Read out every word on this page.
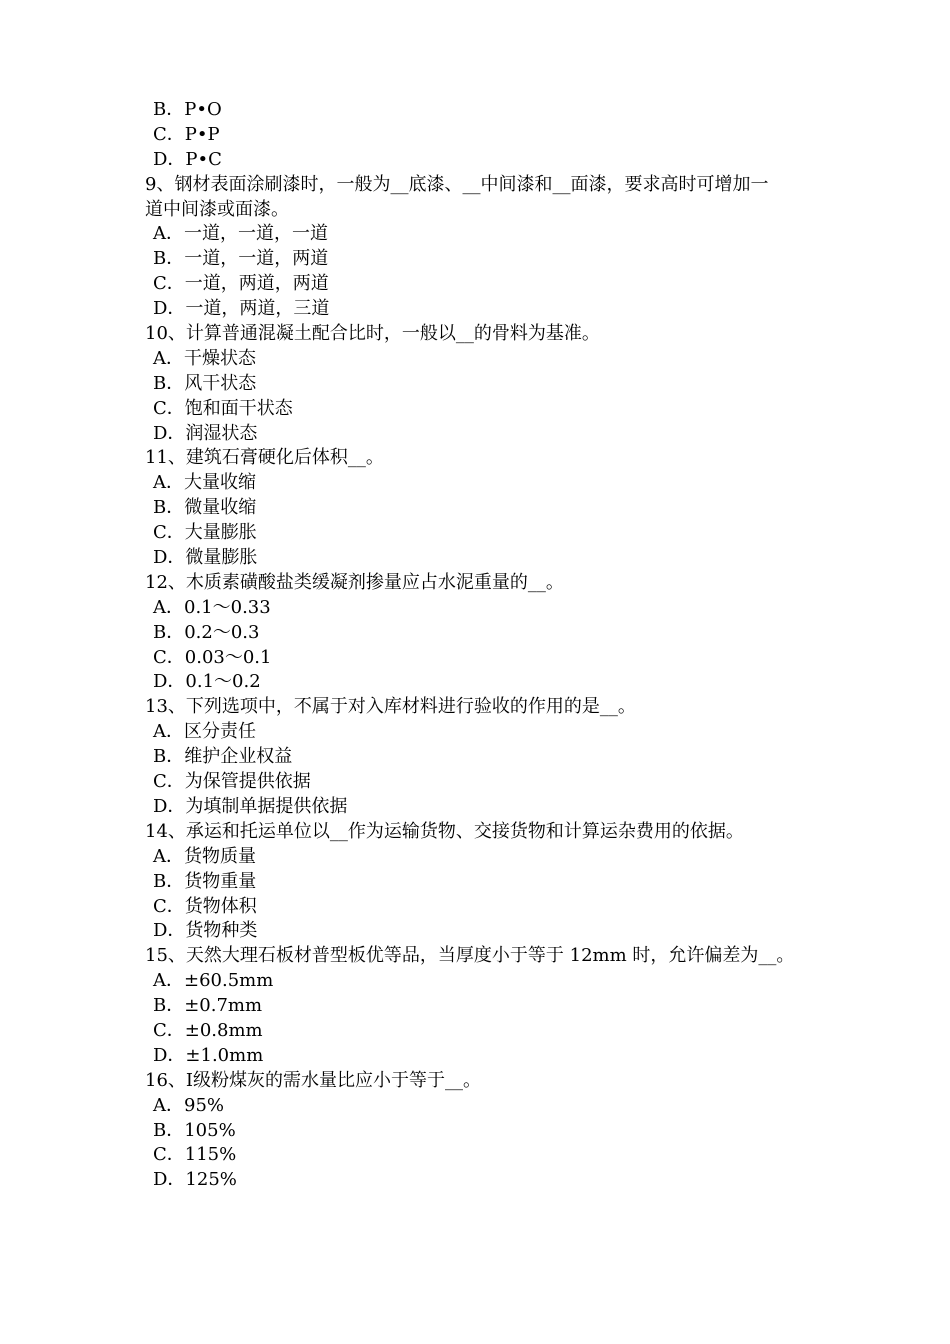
B．P•O
C．P•P
D．P•C
9、钢材表面涂刷漆时，一般为__底漆、__中间漆和__面漆，要求高时可增加一
道中间漆或面漆。
A．一道，一道，一道
B．一道，一道，两道
C．一道，两道，两道
D．一道，两道，三道
10、计算普通混凝土配合比时，一般以__的骨料为基准。
A．干燥状态
B．风干状态
C．饱和面干状态
D．润湿状态
11、建筑石膏硬化后体积__。
A．大量收缩
B．微量收缩
C．大量膨胀
D．微量膨胀
12、木质素磺酸盐类缓凝剂掺量应占水泥重量的__。
A．0.1～0.33
B．0.2～0.3
C．0.03～0.1
D．0.1～0.2
13、下列选项中，不属于对入库材料进行验收的作用的是__。
A．区分责任
B．维护企业权益
C．为保管提供依据
D．为填制单据提供依据
14、承运和托运单位以__作为运输货物、交接货物和计算运杂费用的依据。
A．货物质量
B．货物重量
C．货物体积
D．货物种类
15、天然大理石板材普型板优等品，当厚度小于等于 12mm 时，允许偏差为__。
A．±60.5mm
B．±0.7mm
C．±0.8mm
D．±1.0mm
16、Ⅰ级粉煤灰的需水量比应小于等于__。
A．95%
B．105%
C．115%
D．125%
